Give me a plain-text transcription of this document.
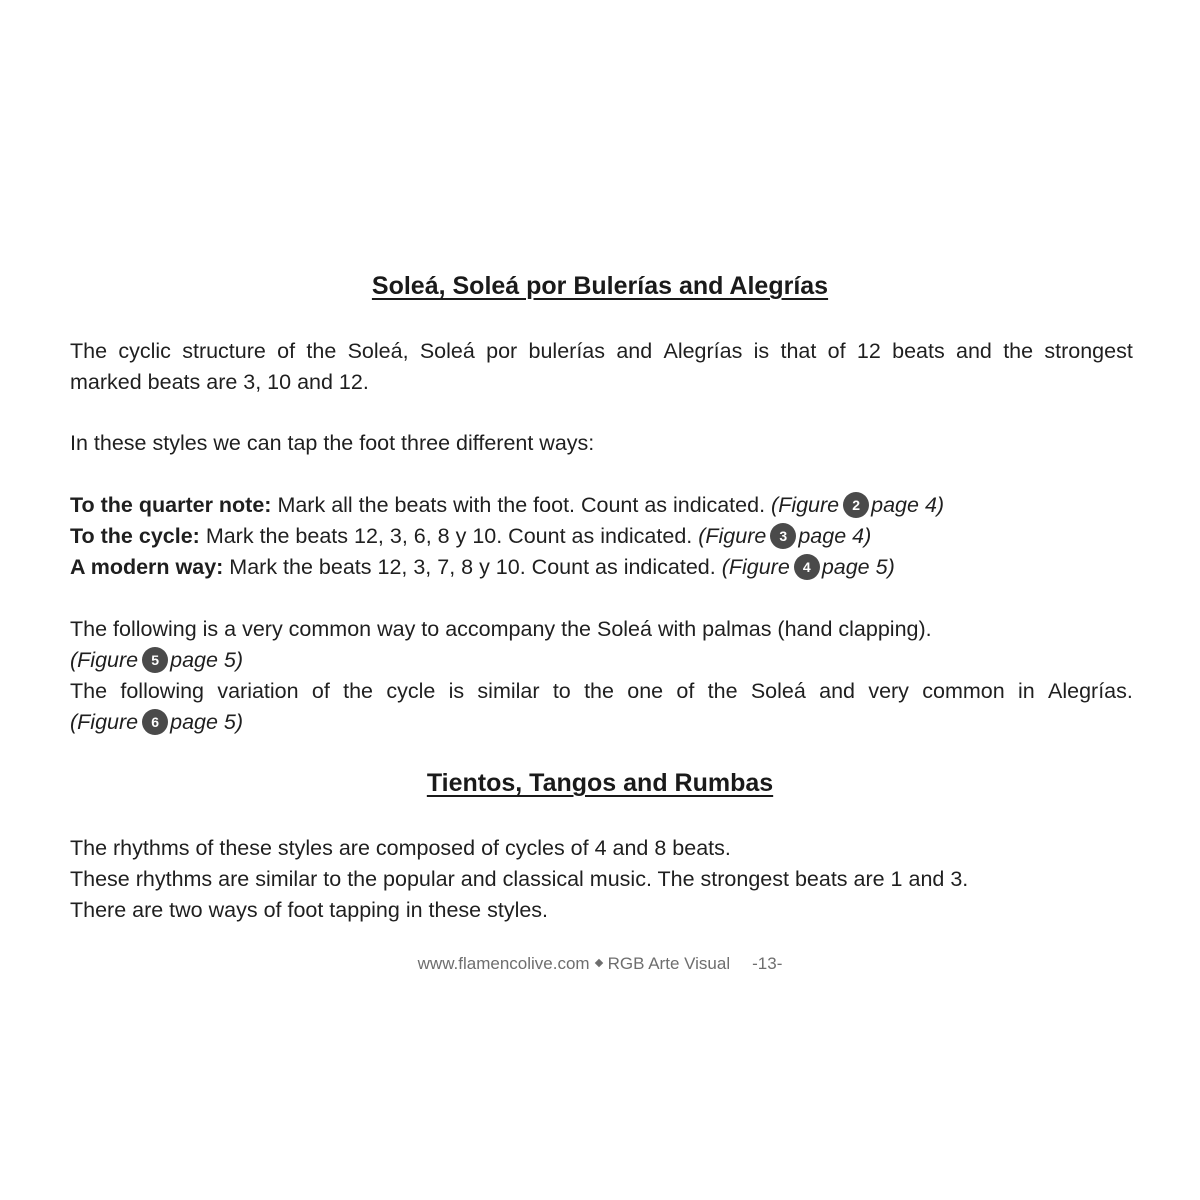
Soleá, Soleá por Bulerías and Alegrías
The cyclic structure of the Soleá, Soleá por bulerías and Alegrías is that of 12 beats and the strongest
marked beats are 3, 10 and 12.
In these styles we can tap the foot three different ways:
To the quarter note: Mark all the beats with the foot. Count as indicated. (Figure 2 page 4)
To the cycle: Mark the beats 12, 3, 6, 8 y 10. Count as indicated. (Figure 3 page 4)
A modern way: Mark the beats 12, 3, 7, 8 y 10. Count as indicated. (Figure 4 page 5)
The following is a very common way to accompany the Soleá with palmas (hand clapping).
(Figure 5 page 5)
The following variation of the cycle is similar to the one of the Soleá and very common in Alegrías.
(Figure 6 page 5)
Tientos, Tangos and Rumbas
The rhythms of these styles are composed of cycles of 4 and 8 beats.
These rhythms are similar to the popular and classical music. The strongest beats are 1 and 3.
There are two ways of foot tapping in these styles.
www.flamencolive.com RGB Arte Visual -13-
